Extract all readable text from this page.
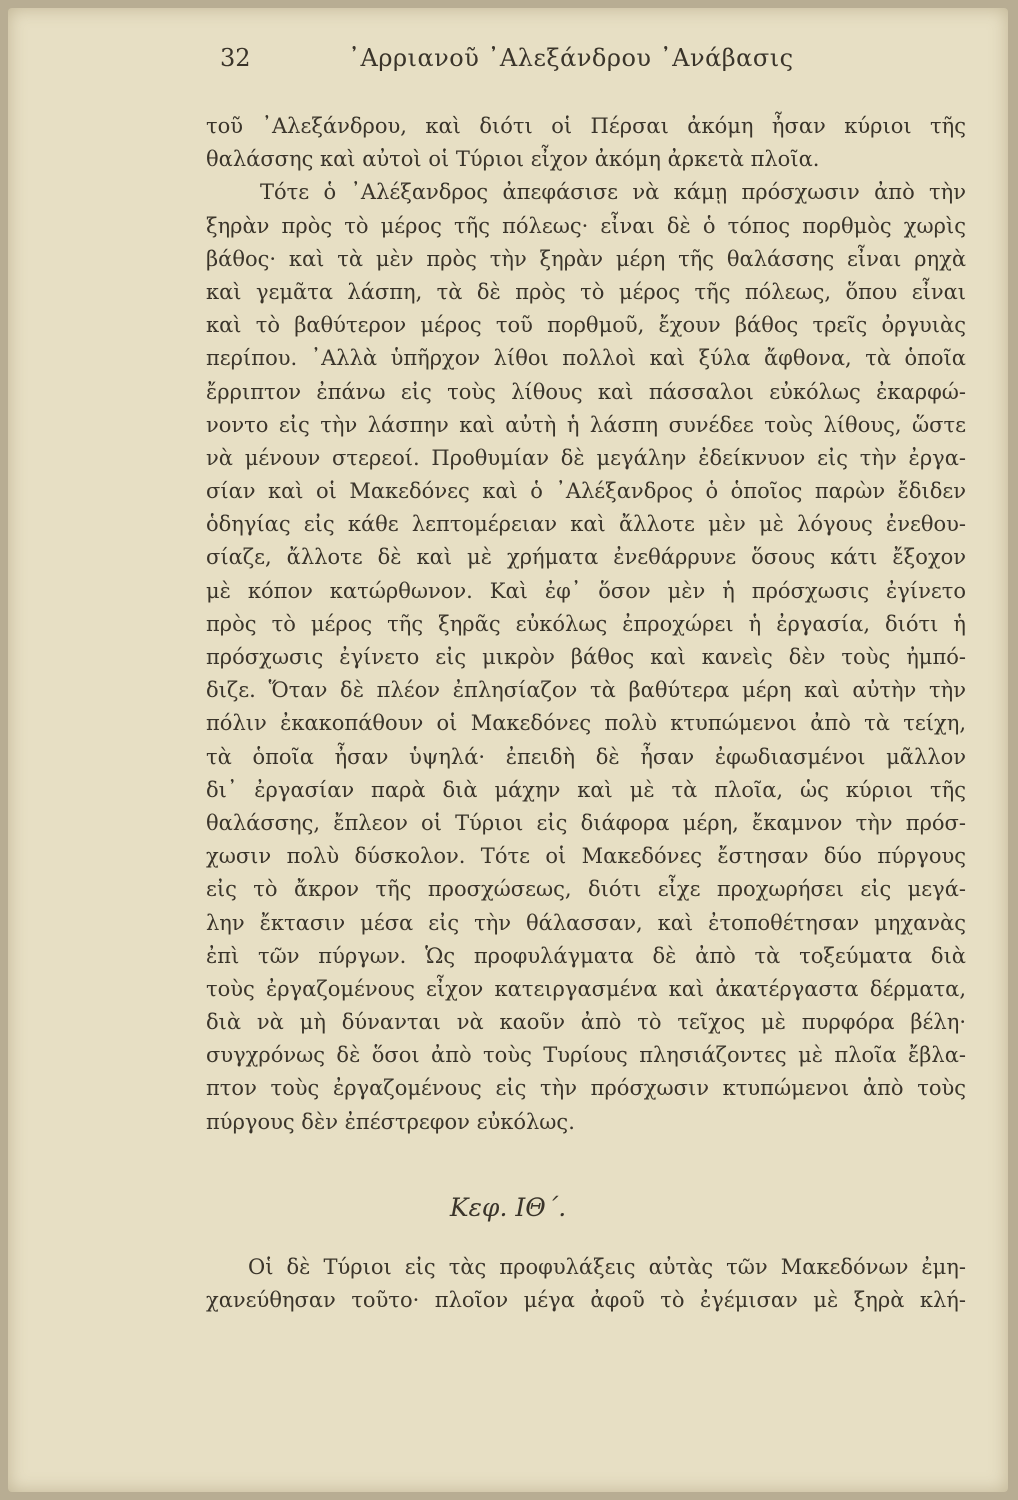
32	᾿Αρριανοῦ ᾿Αλεξάνδρου ᾿Ανάβασις
τοῦ ᾿Αλεξάνδρου, καὶ διότι οἱ Πέρσαι ἀκόμη ἦσαν κύριοι τῆς
θαλάσσης καὶ αὐτοὶ οἱ Τύριοι εἶχον ἀκόμη ἀρκετὰ πλοῖα.
Τότε ὁ ᾿Αλέξανδρος ἀπεφάσισε νὰ κάμῃ πρόσχωσιν ἀπὸ τὴν
ξηρὰν πρὸς τὸ μέρος τῆς πόλεως· εἶναι δὲ ὁ τόπος πορθμὸς χωρὶς
βάθος· καὶ τὰ μὲν πρὸς τὴν ξηρὰν μέρη τῆς θαλάσσης εἶναι ρηχὰ
καὶ γεμᾶτα λάσπη, τὰ δὲ πρὸς τὸ μέρος τῆς πόλεως, ὅπου εἶναι
καὶ τὸ βαθύτερον μέρος τοῦ πορθμοῦ, ἔχουν βάθος τρεῖς ὀργυιὰς
περίπου. ᾿Αλλὰ ὑπῆρχον λίθοι πολλοὶ καὶ ξύλα ἄφθονα, τὰ ὁποῖα
ἔρριπτον ἐπάνω εἰς τοὺς λίθους καὶ πάσσαλοι εὐκόλως ἐκαρφώ-
νοντο εἰς τὴν λάσπην καὶ αὐτὴ ἡ λάσπη συνέδεε τοὺς λίθους, ὥστε
νὰ μένουν στερεοί. Προθυμίαν δὲ μεγάλην ἐδείκνυον εἰς τὴν ἐργα-
σίαν καὶ οἱ Μακεδόνες καὶ ὁ ᾿Αλέξανδρος ὁ ὁποῖος παρὼν ἔδιδεν
ὁδηγίας εἰς κάθε λεπτομέρειαν καὶ ἄλλοτε μὲν μὲ λόγους ἐνεθου-
σίαζε, ἄλλοτε δὲ καὶ μὲ χρήματα ἐνεθάρρυνε ὅσους κάτι ἔξοχον
μὲ κόπον κατώρθωνον. Καὶ ἐφ᾿ ὅσον μὲν ἡ πρόσχωσις ἐγίνετο
πρὸς τὸ μέρος τῆς ξηρᾶς εὐκόλως ἐπροχώρει ἡ ἐργασία, διότι ἡ
πρόσχωσις ἐγίνετο εἰς μικρὸν βάθος καὶ κανεὶς δὲν τοὺς ἠμπό-
διζε. Ὅταν δὲ πλέον ἐπλησίαζον τὰ βαθύτερα μέρη καὶ αὐτὴν τὴν
πόλιν ἐκακοπάθουν οἱ Μακεδόνες πολὺ κτυπώμενοι ἀπὸ τὰ τείχη,
τὰ ὁποῖα ἦσαν ὑψηλά· ἐπειδὴ δὲ ἦσαν ἐφωδιασμένοι μᾶλλον
δι᾿ ἐργασίαν παρὰ διὰ μάχην καὶ μὲ τὰ πλοῖα, ὡς κύριοι τῆς
θαλάσσης, ἔπλεον οἱ Τύριοι εἰς διάφορα μέρη, ἔκαμνον τὴν πρόσ-
χωσιν πολὺ δύσκολον. Τότε οἱ Μακεδόνες ἔστησαν δύο πύργους
εἰς τὸ ἄκρον τῆς προσχώσεως, διότι εἶχε προχωρήσει εἰς μεγά-
λην ἔκτασιν μέσα εἰς τὴν θάλασσαν, καὶ ἐτοποθέτησαν μηχανὰς
ἐπὶ τῶν πύργων. Ὡς προφυλάγματα δὲ ἀπὸ τὰ τοξεύματα διὰ
τοὺς ἐργαζομένους εἶχον κατειργασμένα καὶ ἀκατέργαστα δέρματα,
διὰ νὰ μὴ δύνανται νὰ καοῦν ἀπὸ τὸ τεῖχος μὲ πυρφόρα βέλη·
συγχρόνως δὲ ὅσοι ἀπὸ τοὺς Τυρίους πλησιάζοντες μὲ πλοῖα ἔβλα-
πτον τοὺς ἐργαζομένους εἰς τὴν πρόσχωσιν κτυπώμενοι ἀπὸ τοὺς
πύργους δὲν ἐπέστρεφον εὐκόλως.
Κεφ. ΙΘ΄.
Οἱ δὲ Τύριοι εἰς τὰς προφυλάξεις αὐτὰς τῶν Μακεδόνων ἐμη-
χανεύθησαν τοῦτο· πλοῖον μέγα ἀφοῦ τὸ ἐγέμισαν μὲ ξηρὰ κλή-
